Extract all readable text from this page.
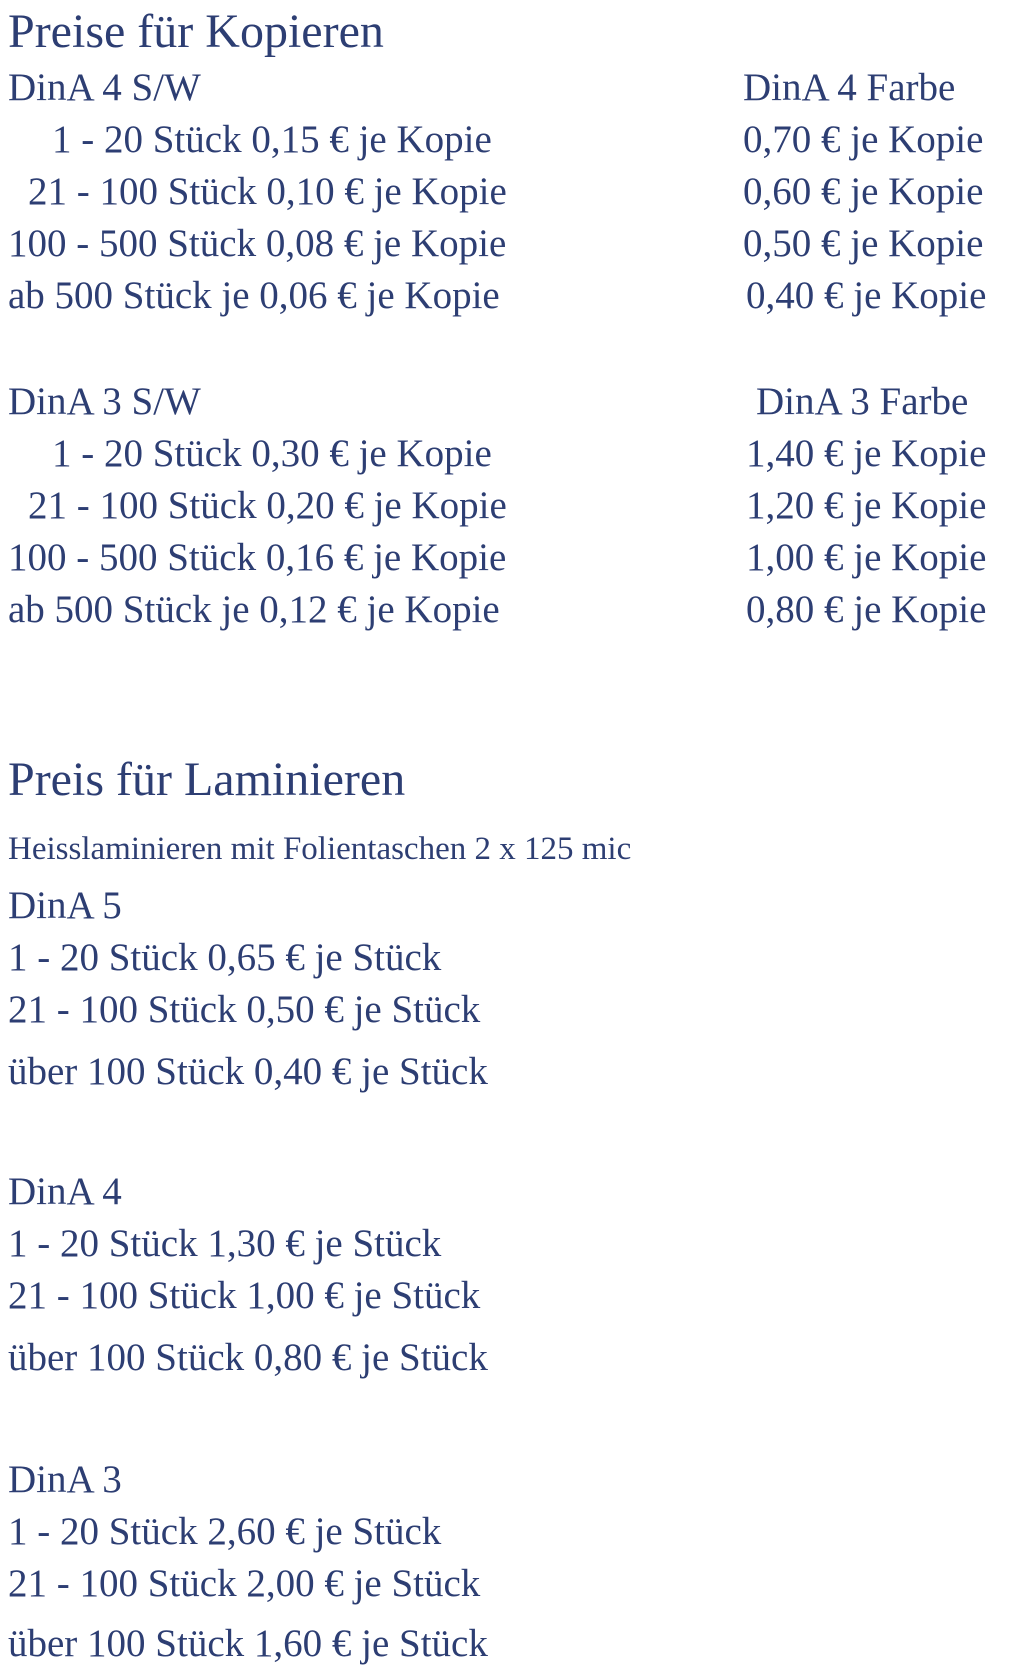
Preise für Kopieren
DinA 4 S/W	DinA 4 Farbe
1 - 20 Stück 0,15 € je Kopie
21 - 100 Stück 0,10 € je Kopie
100 - 500 Stück 0,08 € je Kopie
ab 500 Stück je 0,06 € je Kopie
0,70 € je Kopie
0,60 € je Kopie
0,50 € je Kopie
0,40 € je Kopie
DinA 3 S/W	DinA 3 Farbe
1 - 20 Stück 0,30 € je Kopie
21 - 100 Stück 0,20 € je Kopie
100 - 500 Stück 0,16 € je Kopie
ab 500 Stück je 0,12 € je Kopie
1,40 € je Kopie
1,20 € je Kopie
1,00 € je Kopie
0,80 € je Kopie
Preis für Laminieren
Heisslaminieren mit Folientaschen 2 x 125 mic
DinA 5
1 - 20 Stück 0,65 € je Stück
21 - 100 Stück 0,50 € je Stück
über 100 Stück 0,40 € je Stück
DinA 4
1 - 20 Stück 1,30 € je Stück
21 - 100 Stück 1,00 € je Stück
über 100 Stück 0,80 € je Stück
DinA 3
1 - 20 Stück 2,60 € je Stück
21 - 100 Stück 2,00 € je Stück
über 100 Stück 1,60 € je Stück
